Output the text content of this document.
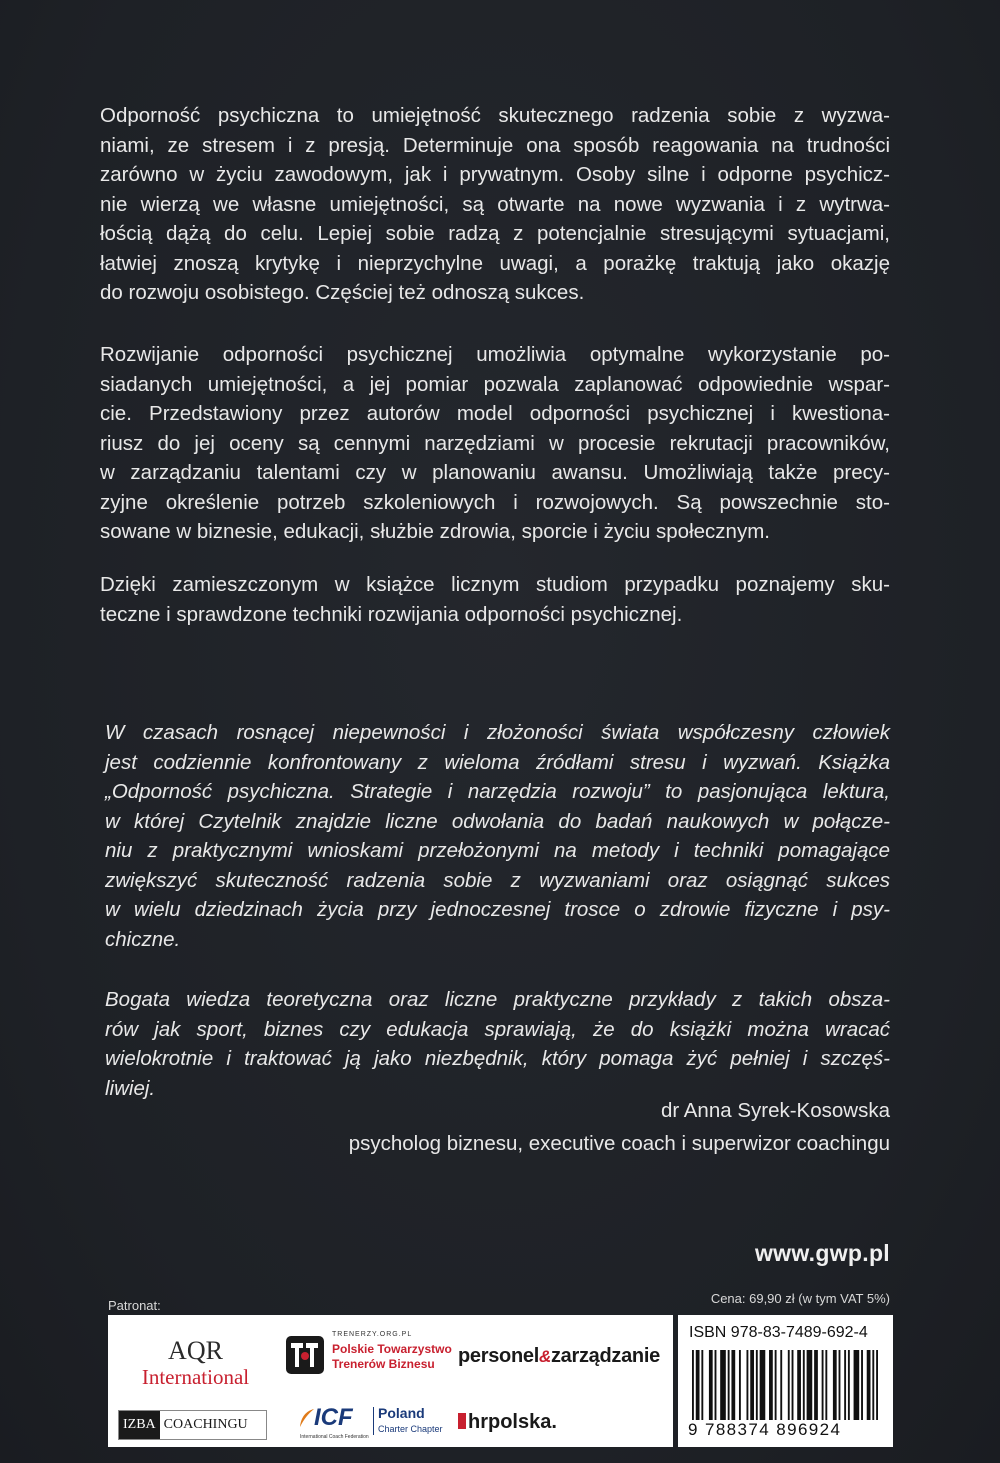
Odporność psychiczna to umiejętność skutecznego radzenia sobie z wyzwa-
niami, ze stresem i z presją. Determinuje ona sposób reagowania na trudności
zarówno w życiu zawodowym, jak i prywatnym. Osoby silne i odporne psychicz-
nie wierzą we własne umiejętności, są otwarte na nowe wyzwania i z wytrwa-
łością dążą do celu. Lepiej sobie radzą z potencjalnie stresującymi sytuacjami,
łatwiej znoszą krytykę i nieprzychylne uwagi, a porażkę traktują jako okazję
do rozwoju osobistego. Częściej też odnoszą sukces.
Rozwijanie odporności psychicznej umożliwia optymalne wykorzystanie po-
siadanych umiejętności, a jej pomiar pozwala zaplanować odpowiednie wspar-
cie. Przedstawiony przez autorów model odporności psychicznej i kwestiona-
riusz do jej oceny są cennymi narzędziami w procesie rekrutacji pracowników,
w zarządzaniu talentami czy w planowaniu awansu. Umożliwiają także precy-
zyjne określenie potrzeb szkoleniowych i rozwojowych. Są powszechnie sto-
sowane w biznesie, edukacji, służbie zdrowia, sporcie i życiu społecznym.
Dzięki zamieszczonym w książce licznym studiom przypadku poznajemy sku-
teczne i sprawdzone techniki rozwijania odporności psychicznej.
W czasach rosnącej niepewności i złożoności świata współczesny człowiek
jest codziennie konfrontowany z wieloma źródłami stresu i wyzwań. Książka
„Odporność psychiczna. Strategie i narzędzia rozwoju” to pasjonująca lektura,
w której Czytelnik znajdzie liczne odwołania do badań naukowych w połącze-
niu z praktycznymi wnioskami przełożonymi na metody i techniki pomagające
zwiększyć skuteczność radzenia sobie z wyzwaniami oraz osiągnąć sukces
w wielu dziedzinach życia przy jednoczesnej trosce o zdrowie fizyczne i psy-
chiczne.
Bogata wiedza teoretyczna oraz liczne praktyczne przykłady z takich obsza-
rów jak sport, biznes czy edukacja sprawiają, że do książki można wracać
wielokrotnie i traktować ją jako niezbędnik, który pomaga żyć pełniej i szczęś-
liwiej.
dr Anna Syrek-Kosowska
psycholog biznesu, executive coach i superwizor coachingu
www.gwp.pl
Patronat:	Cena: 69,90 zł (w tym VAT 5%)
AQR
International
TRENERZY.ORG.PL
Polskie Towarzystwo
Trenerów Biznesu personel&zarządzanie
IZBA COACHINGU	ICF
International Coach Federation
Poland
Charter Chapter	hrpolska.
ISBN 978-83-7489-692-4
9 788374 896924
